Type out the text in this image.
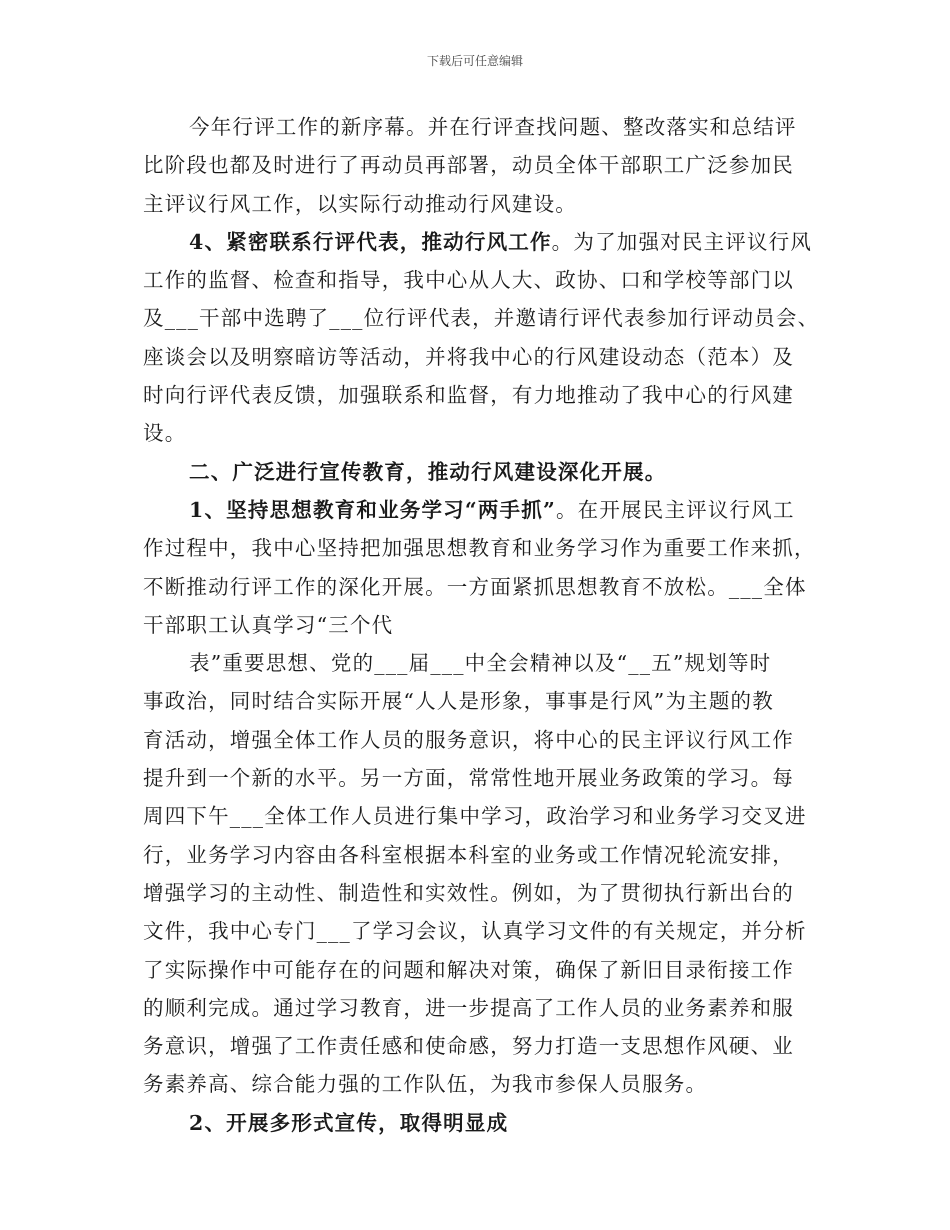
下载后可任意编辑
今年行评工作的新序幕。并在行评查找问题、整改落实和总结评
比阶段也都及时进行了再动员再部署，动员全体干部职工广泛参加民
主评议行风工作，以实际行动推动行风建设。
4、紧密联系行评代表，推动行风工作。为了加强对民主评议行风
工作的监督、检查和指导，我中心从人大、政协、口和学校等部门以
及___干部中选聘了___位行评代表，并邀请行评代表参加行评动员会、
座谈会以及明察暗访等活动，并将我中心的行风建设动态（范本）及
时向行评代表反馈，加强联系和监督，有力地推动了我中心的行风建
设。
二、广泛进行宣传教育，推动行风建设深化开展。
1、坚持思想教育和业务学习“两手抓”。在开展民主评议行风工
作过程中，我中心坚持把加强思想教育和业务学习作为重要工作来抓，
不断推动行评工作的深化开展。一方面紧抓思想教育不放松。___全体
干部职工认真学习“三个代
表”重要思想、党的___届___中全会精神以及“__五”规划等时
事政治，同时结合实际开展“人人是形象，事事是行风”为主题的教
育活动，增强全体工作人员的服务意识，将中心的民主评议行风工作
提升到一个新的水平。另一方面，常常性地开展业务政策的学习。每
周四下午___全体工作人员进行集中学习，政治学习和业务学习交叉进
行，业务学习内容由各科室根据本科室的业务或工作情况轮流安排，
增强学习的主动性、制造性和实效性。例如，为了贯彻执行新出台的
文件，我中心专门___了学习会议，认真学习文件的有关规定，并分析
了实际操作中可能存在的问题和解决对策，确保了新旧目录衔接工作
的顺利完成。通过学习教育，进一步提高了工作人员的业务素养和服
务意识，增强了工作责任感和使命感，努力打造一支思想作风硬、业
务素养高、综合能力强的工作队伍，为我市参保人员服务。
2、开展多形式宣传，取得明显成
